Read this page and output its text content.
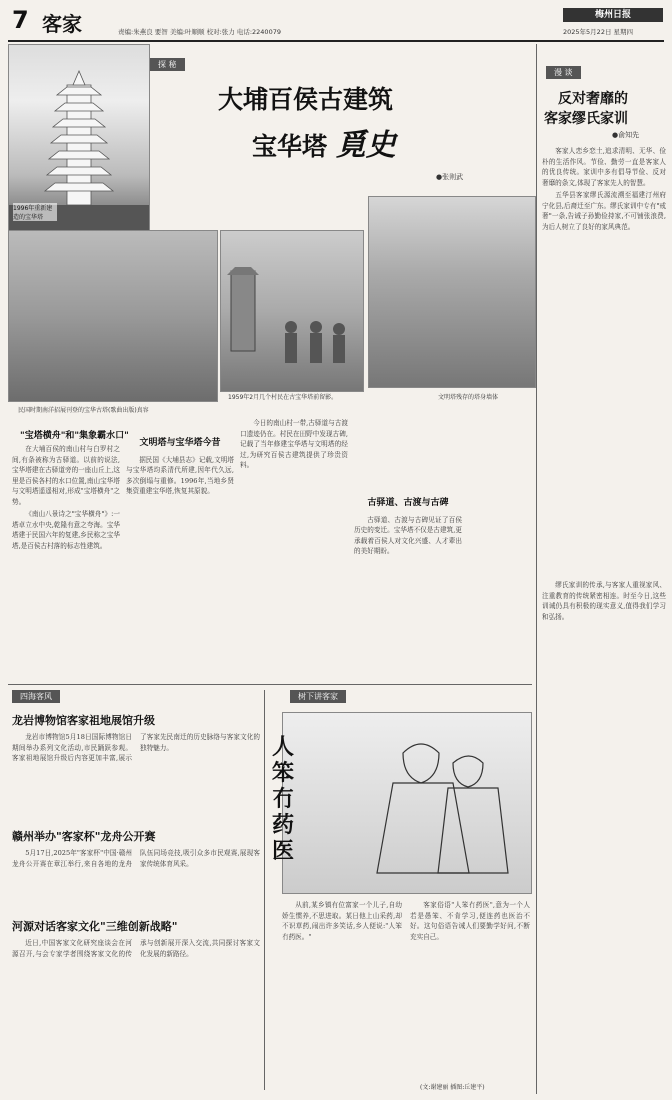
7 客家	责编:朱燕良 要智 美编:叶顺顺 校对:张力 电话:2240079
梅州日报
2025年5月22日 星期四
探 秘
大埔百侯古建筑
宝华塔 覓史
●张则武
1996年重新建造的宝华塔
民国时期南洋招展刊登的宝华古塔(歌曲出版)真容
1959年2月几个村民在古宝华塔前留影。	文明塔残存的塔身墙体
"宝塔横舟"和"集象霸水口"

在大埔百侯的南山村与白罗村之间,有条被称为古驿道。以前的说法,宝华塔建在古驿道旁的一座山丘上,这里是百侯各村的水口位置,南山宝华塔与文明塔遥遥相对,形成"宝塔横舟"之势。

《南山八景诗之"宝华横舟"》:一塔卓立水中央,乾隆有意之夸海。宝华塔建于民国六年的复建,乡民称之宝华塔,是百侯古村落的标志性建筑。

文明塔与宝华塔今昔

据民国《大埔县志》记载,文明塔与宝华塔均系清代所建,因年代久远,多次倒塌与重修。1996年,当地乡贤集资重建宝华塔,恢复其原貌。

今日的南山村一带,古驿道与古渡口遗迹仍在。村民在田野中发现古碑,记载了当年修建宝华塔与文明塔的经过,为研究百侯古建筑提供了珍贵资料。

古驿道、古渡与古碑

古驿道、古渡与古碑见证了百侯历史的变迁。宝华塔不仅是古建筑,更承载着百侯人对文化兴盛、人才辈出的美好期盼。

漫 谈
反对奢靡的
客家缪氏家训
●俞知先

客家人恋乡恋土,追求清明、无华、俭朴的生活作风。节俭、勤劳一直是客家人的优良传统。家训中多有倡导节俭、反对奢靡的条文,体现了客家先人的智慧。

五华县客家缪氏源流溯至福建汀州府宁化县,后裔迁至广东。缪氏家训中专有"戒奢"一条,告诫子孙勤俭持家,不可铺张浪费,为后人树立了良好的家风典范。

缪氏家训的传承,与客家人重视家风、注重教育的传统紧密相连。时至今日,这些训诫仍具有积极的现实意义,值得我们学习和弘扬。

四海客风
龙岩博物馆客家祖地展馆升级

龙岩市博物馆5月18日国际博物馆日期间举办系列文化活动,市民踊跃参观。客家祖地展馆升级后内容更加丰富,展示了客家先民南迁的历史脉络与客家文化的独特魅力。

赣州举办"客家杯"龙舟公开赛

5月17日,2025年"客家杯"中国·赣州龙舟公开赛在章江举行,来自各地的龙舟队伍同场竞技,吸引众多市民观赛,展现客家传统体育风采。

河源对话客家文化"三维创新战略"

近日,中国客家文化研究座谈会在河源召开,与会专家学者围绕客家文化的传承与创新展开深入交流,共同探讨客家文化发展的新路径。

树下讲客家
人笨冇药医

从前,某乡镇有位富家一个儿子,自幼娇生惯养,不思进取。某日他上山采药,却不识草药,闹出许多笑话,乡人便说:"人笨冇药医。"

客家俗语"人笨冇药医",意为一个人若是愚笨、不肯学习,便连药也医治不好。这句俗语告诫人们要勤学好问,不断充实自己。

(文:谢建丽 插图:丘建平)
